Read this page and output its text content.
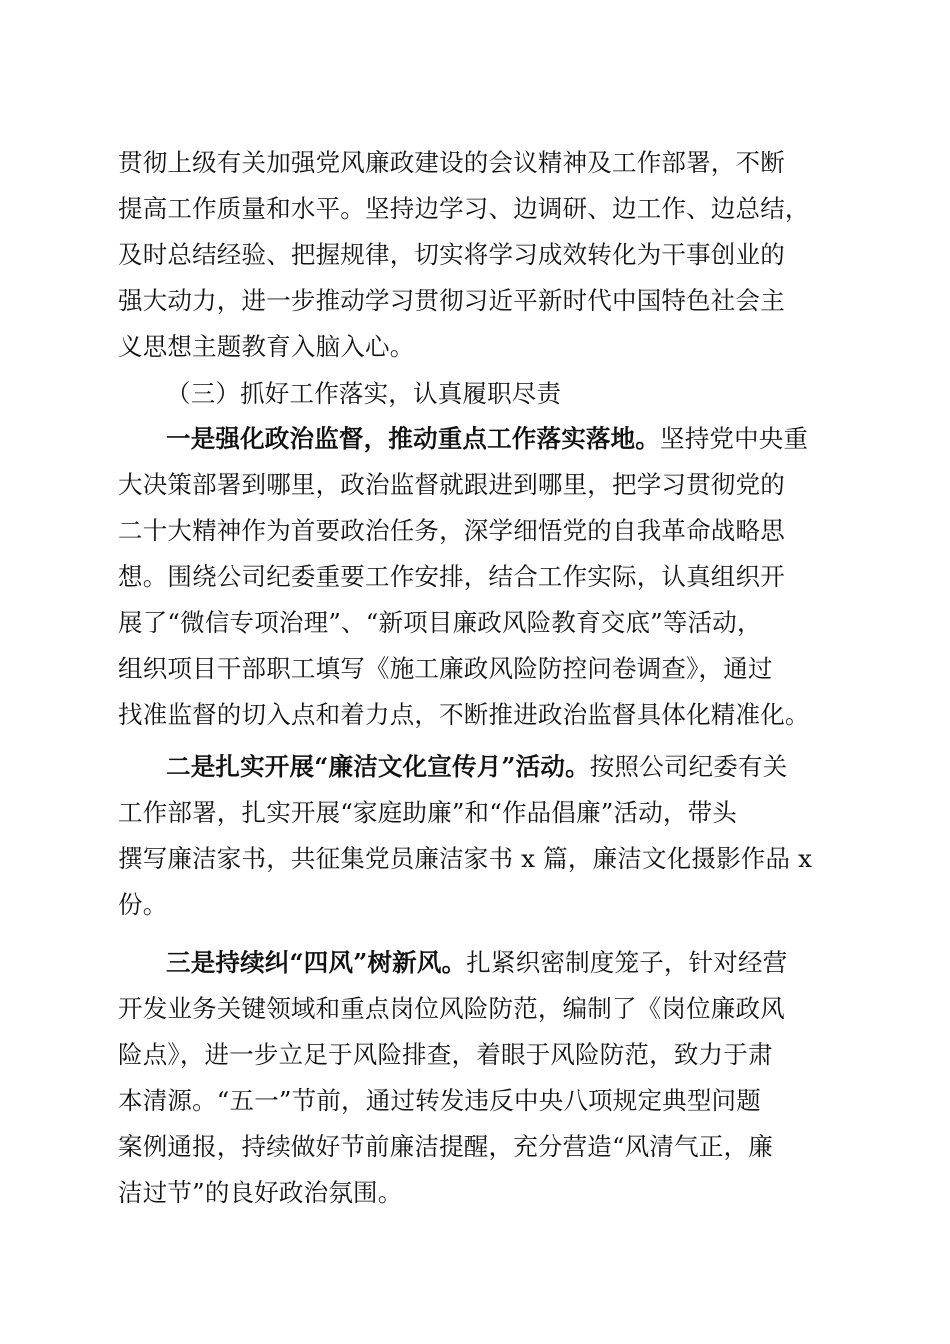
贯彻上级有关加强党风廉政建设的会议精神及工作部署，不断
提高工作质量和水平。坚持边学习、边调研、边工作、边总结，
及时总结经验、把握规律，切实将学习成效转化为干事创业的
强大动力，进一步推动学习贯彻习近平新时代中国特色社会主
义思想主题教育入脑入心。
（三）抓好工作落实，认真履职尽责
一是强化政治监督，推动重点工作落实落地。坚持党中央重
大决策部署到哪里，政治监督就跟进到哪里，把学习贯彻党的
二十大精神作为首要政治任务，深学细悟党的自我革命战略思
想。围绕公司纪委重要工作安排，结合工作实际，认真组织开
展了“微信专项治理”、“新项目廉政风险教育交底”等活动，
组织项目干部职工填写《施工廉政风险防控问卷调查》，通过
找准监督的切入点和着力点，不断推进政治监督具体化精准化。
二是扎实开展“廉洁文化宣传月”活动。按照公司纪委有关
工作部署，扎实开展“家庭助廉”和“作品倡廉”活动，带头
撰写廉洁家书，共征集党员廉洁家书 x 篇，廉洁文化摄影作品 x
份。
三是持续纠“四风”树新风。扎紧织密制度笼子，针对经营
开发业务关键领域和重点岗位风险防范，编制了《岗位廉政风
险点》，进一步立足于风险排查，着眼于风险防范，致力于肃
本清源。“五一”节前，通过转发违反中央八项规定典型问题
案例通报，持续做好节前廉洁提醒，充分营造“风清气正，廉
洁过节”的良好政治氛围。
